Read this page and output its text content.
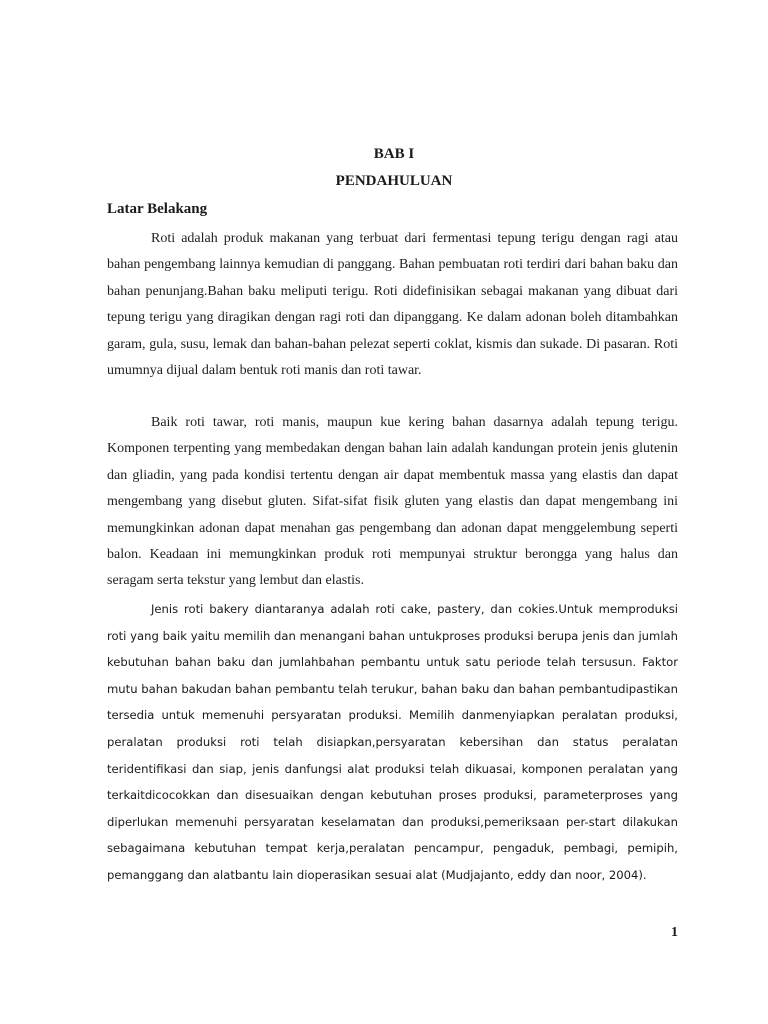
BAB I
PENDAHULUAN
Latar Belakang

Roti adalah produk makanan yang terbuat dari fermentasi tepung terigu dengan ragi atau bahan pengembang lainnya kemudian di panggang. Bahan pembuatan roti terdiri dari bahan baku dan bahan penunjang.Bahan baku meliputi terigu. Roti didefinisikan sebagai makanan yang dibuat dari tepung terigu yang diragikan dengan ragi roti dan dipanggang. Ke dalam adonan boleh ditambahkan garam, gula, susu, lemak dan bahan-bahan pelezat seperti coklat, kismis dan sukade. Di pasaran. Roti umumnya dijual dalam bentuk roti manis dan roti tawar.

Baik roti tawar, roti manis, maupun kue kering bahan dasarnya adalah tepung terigu. Komponen terpenting yang membedakan dengan bahan lain adalah kandungan protein jenis glutenin dan gliadin, yang pada kondisi tertentu dengan air dapat membentuk massa yang elastis dan dapat mengembang yang disebut gluten. Sifat-sifat fisik gluten yang elastis dan dapat mengembang ini memungkinkan adonan dapat menahan gas pengembang dan adonan dapat menggelembung seperti balon. Keadaan ini memungkinkan produk roti mempunyai struktur berongga yang halus dan seragam serta tekstur yang lembut dan elastis.

Jenis roti bakery diantaranya adalah roti cake, pastery, dan cokies.Untuk memproduksi roti yang baik yaitu memilih dan menangani bahan untukproses produksi berupa jenis dan jumlah kebutuhan bahan baku dan jumlahbahan pembantu untuk satu periode telah tersusun. Faktor mutu bahan bakudan bahan pembantu telah terukur, bahan baku dan bahan pembantudipastikan tersedia untuk memenuhi persyaratan produksi. Memilih danmenyiapkan peralatan produksi, peralatan produksi roti telah disiapkan,persyaratan kebersihan dan status peralatan teridentifikasi dan siap, jenis danfungsi alat produksi telah dikuasai, komponen peralatan yang terkaitdicocokkan dan disesuaikan dengan kebutuhan proses produksi, parameterproses yang diperlukan memenuhi persyaratan keselamatan dan produksi,pemeriksaan per-start dilakukan sebagaimana kebutuhan tempat kerja,peralatan pencampur, pengaduk, pembagi, pemipih, pemanggang dan alatbantu lain dioperasikan sesuai alat (Mudjajanto, eddy dan noor, 2004).

1
